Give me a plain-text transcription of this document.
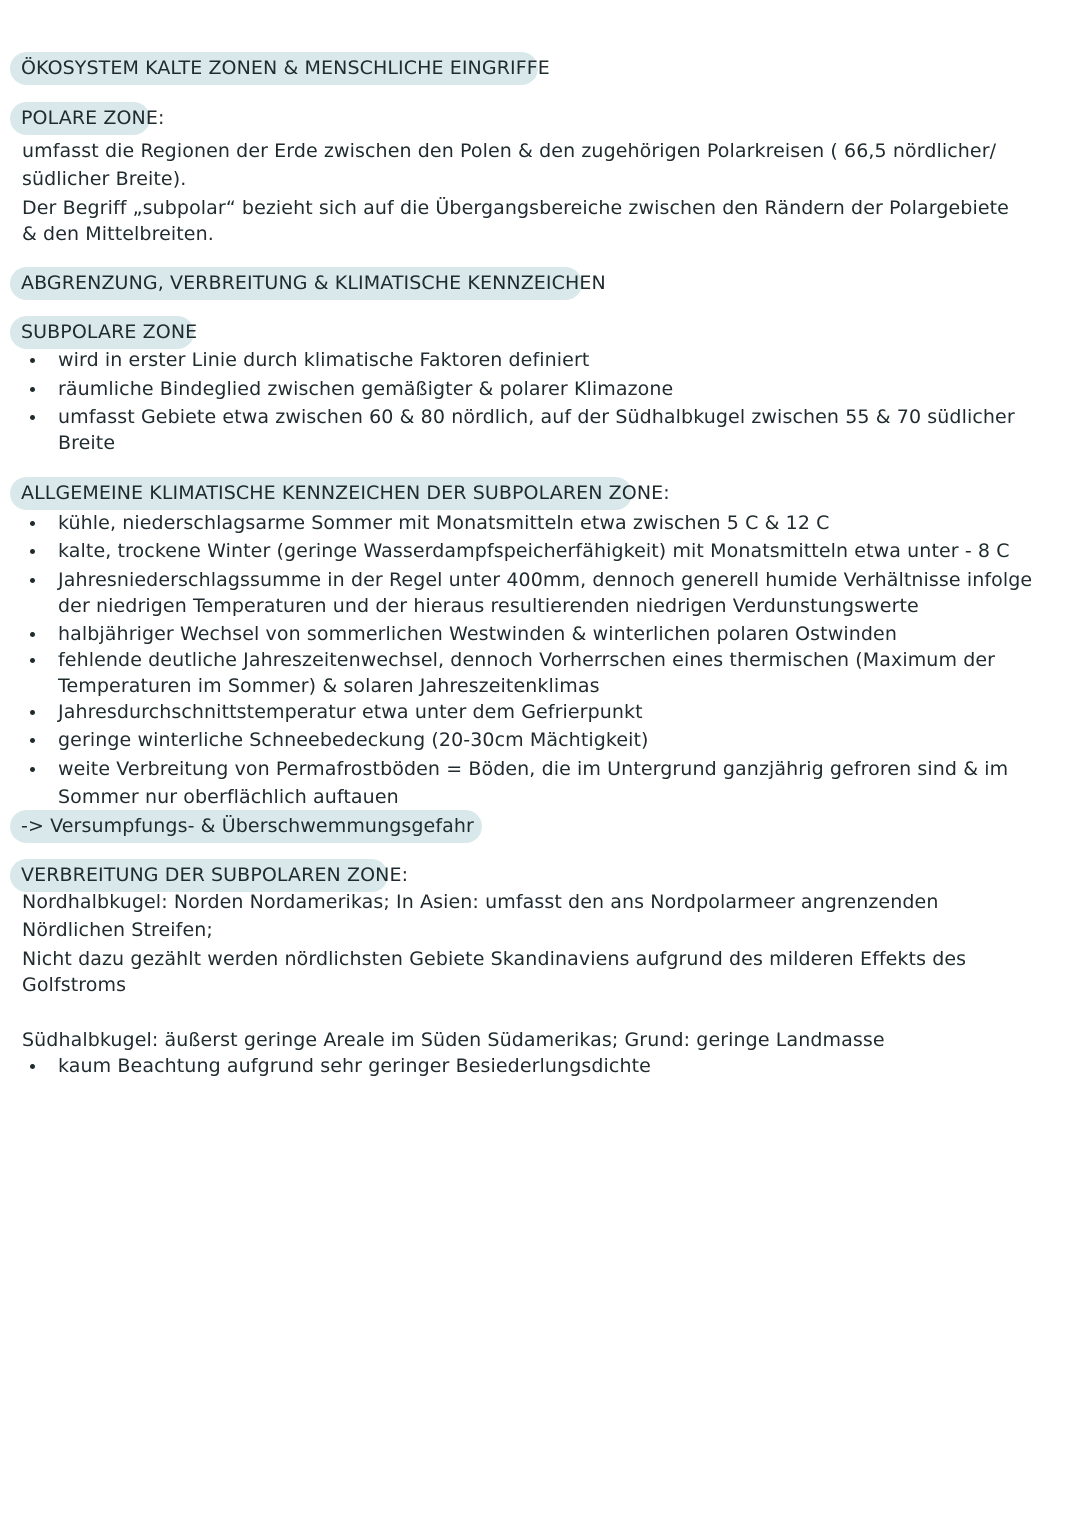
ÖKOSYSTEM KALTE ZONEN & MENSCHLICHE EINGRIFFE
POLARE ZONE:
umfasst die Regionen der Erde zwischen den Polen & den zugehörigen Polarkreisen ( 66,5 nördlicher/
südlicher Breite).
Der Begriff „subpolar“ bezieht sich auf die Übergangsbereiche zwischen den Rändern der Polargebiete
& den Mittelbreiten.
ABGRENZUNG, VERBREITUNG & KLIMATISCHE KENNZEICHEN
SUBPOLARE ZONE
wird in erster Linie durch klimatische Faktoren definiert
räumliche Bindeglied zwischen gemäßigter & polarer Klimazone
umfasst Gebiete etwa zwischen 60 & 80 nördlich, auf der Südhalbkugel zwischen 55 & 70 südlicher
Breite
ALLGEMEINE KLIMATISCHE KENNZEICHEN DER SUBPOLAREN ZONE:
kühle, niederschlagsarme Sommer mit Monatsmitteln etwa zwischen 5 C & 12 C
kalte, trockene Winter (geringe Wasserdampfspeicherfähigkeit) mit Monatsmitteln etwa unter - 8 C
Jahresniederschlagssumme in der Regel unter 400mm, dennoch generell humide Verhältnisse infolge
der niedrigen Temperaturen und der hieraus resultierenden niedrigen Verdunstungswerte
halbjähriger Wechsel von sommerlichen Westwinden & winterlichen polaren Ostwinden
fehlende deutliche Jahreszeitenwechsel, dennoch Vorherrschen eines thermischen (Maximum der
Temperaturen im Sommer) & solaren Jahreszeitenklimas
Jahresdurchschnittstemperatur etwa unter dem Gefrierpunkt
geringe winterliche Schneebedeckung (20-30cm Mächtigkeit)
weite Verbreitung von Permafrostböden = Böden, die im Untergrund ganzjährig gefroren sind & im
Sommer nur oberflächlich auftauen
-> Versumpfungs- & Überschwemmungsgefahr
VERBREITUNG DER SUBPOLAREN ZONE:
Nordhalbkugel: Norden Nordamerikas; In Asien: umfasst den ans Nordpolarmeer angrenzenden
Nördlichen Streifen;
Nicht dazu gezählt werden nördlichsten Gebiete Skandinaviens aufgrund des milderen Effekts des
Golfstroms
Südhalbkugel: äußerst geringe Areale im Süden Südamerikas; Grund: geringe Landmasse
kaum Beachtung aufgrund sehr geringer Besiederlungsdichte
